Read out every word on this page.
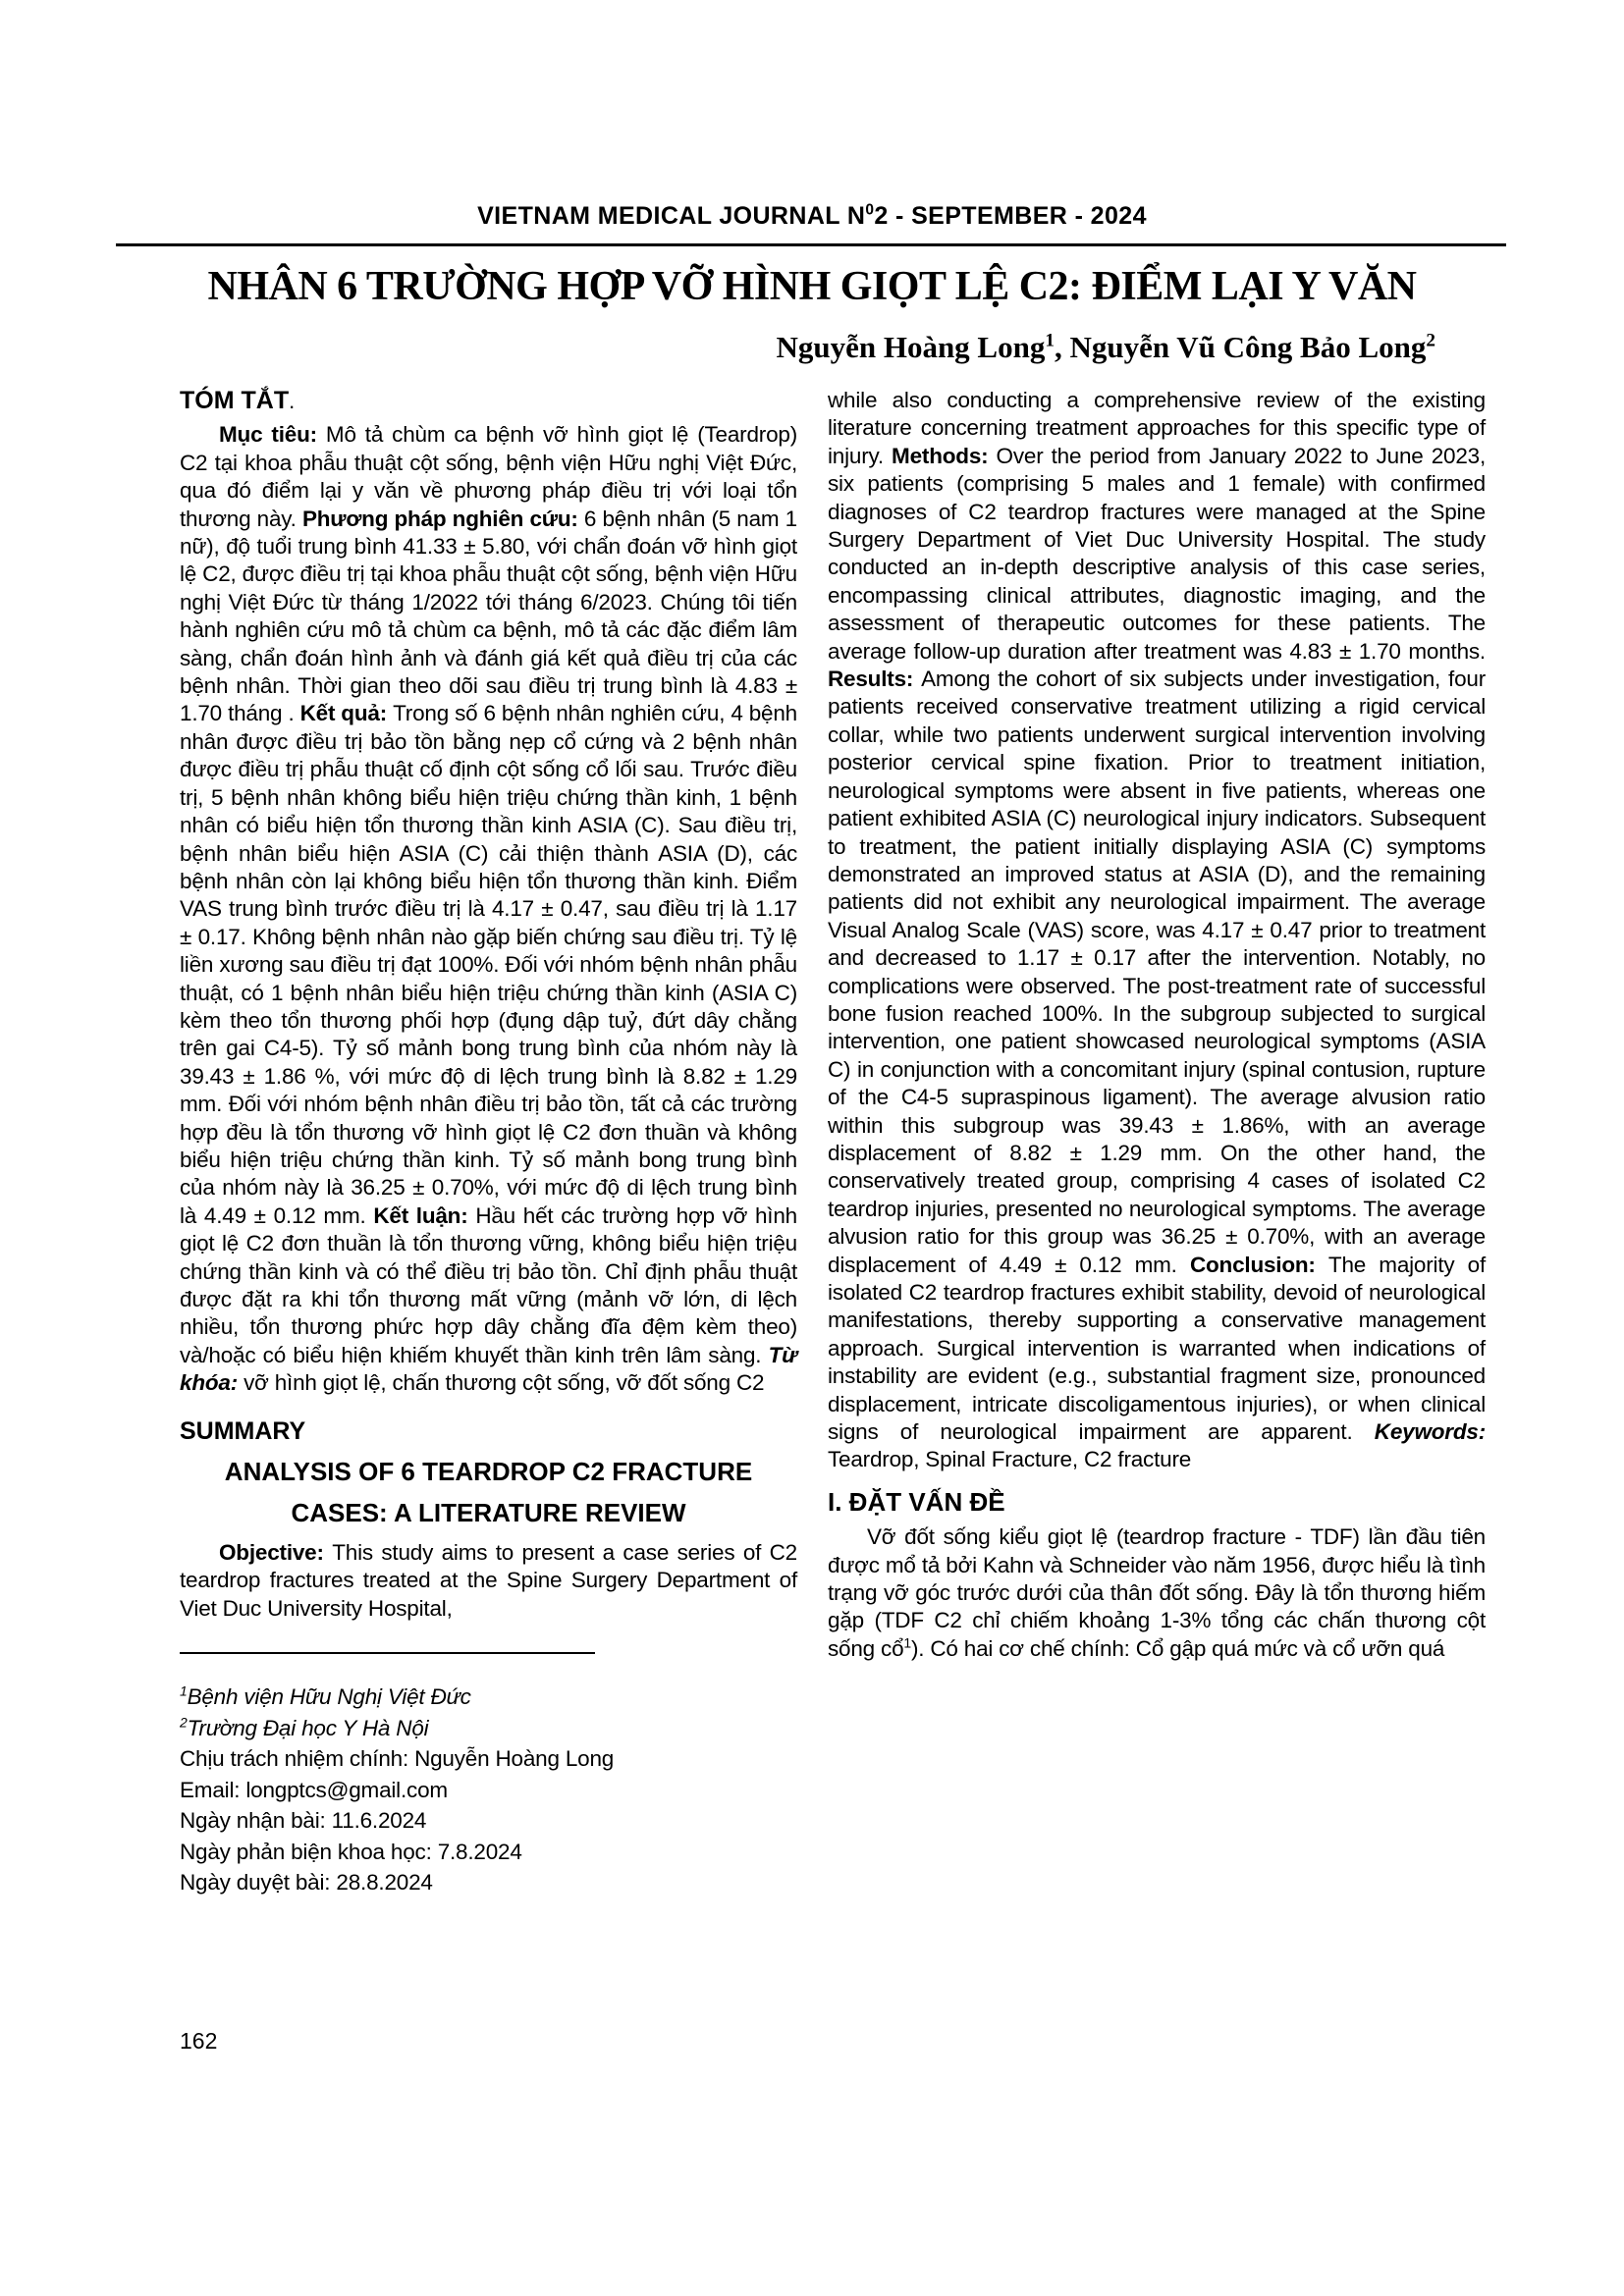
VIETNAM MEDICAL JOURNAL $N^02$ - SEPTEMBER - 2024
NHÂN 6 TRƯỜNG HỢP VỠ HÌNH GIỌT LỆ C2: ĐIỂM LẠI Y VĂN
Nguyễn Hoàng Long$^1$, Nguyễn Vũ Công Bảo Long$^2$
TÓM TẮT.

Mục tiêu: Mô tả chùm ca bệnh vỡ hình giọt lệ (Teardrop) C2 tại khoa phẫu thuật cột sống, bệnh viện Hữu nghị Việt Đức, qua đó điểm lại y văn về phương pháp điều trị với loại tổn thương này. Phương pháp nghiên cứu: 6 bệnh nhân (5 nam 1 nữ), độ tuổi trung bình 41.33 ± 5.80, với chẩn đoán vỡ hình giọt lệ C2, được điều trị tại khoa phẫu thuật cột sống, bệnh viện Hữu nghị Việt Đức từ tháng 1/2022 tới tháng 6/2023. Chúng tôi tiến hành nghiên cứu mô tả chùm ca bệnh, mô tả các đặc điểm lâm sàng, chẩn đoán hình ảnh và đánh giá kết quả điều trị của các bệnh nhân. Thời gian theo dõi sau điều trị trung bình là 4.83 ± 1.70 tháng . Kết quả: Trong số 6 bệnh nhân nghiên cứu, 4 bệnh nhân được điều trị bảo tồn bằng nẹp cổ cứng và 2 bệnh nhân được điều trị phẫu thuật cố định cột sống cổ lối sau. Trước điều trị, 5 bệnh nhân không biểu hiện triệu chứng thần kinh, 1 bệnh nhân có biểu hiện tổn thương thần kinh ASIA (C). Sau điều trị, bệnh nhân biểu hiện ASIA (C) cải thiện thành ASIA (D), các bệnh nhân còn lại không biểu hiện tổn thương thần kinh. Điểm VAS trung bình trước điều trị là 4.17 ± 0.47, sau điều trị là 1.17 ± 0.17. Không bệnh nhân nào gặp biến chứng sau điều trị. Tỷ lệ liền xương sau điều trị đạt 100%. Đối với nhóm bệnh nhân phẫu thuật, có 1 bệnh nhân biểu hiện triệu chứng thần kinh (ASIA C) kèm theo tổn thương phối hợp (đụng dập tuỷ, đứt dây chằng trên gai C4-5). Tỷ số mảnh bong trung bình của nhóm này là 39.43 ± 1.86 %, với mức độ di lệch trung bình là 8.82 ± 1.29 mm. Đối với nhóm bệnh nhân điều trị bảo tồn, tất cả các trường hợp đều là tổn thương vỡ hình giọt lệ C2 đơn thuần và không biểu hiện triệu chứng thần kinh. Tỷ số mảnh bong trung bình của nhóm này là 36.25 ± 0.70%, với mức độ di lệch trung bình là 4.49 ± 0.12 mm. Kết luận: Hầu hết các trường hợp vỡ hình giọt lệ C2 đơn thuần là tổn thương vững, không biểu hiện triệu chứng thần kinh và có thể điều trị bảo tồn. Chỉ định phẫu thuật được đặt ra khi tổn thương mất vững (mảnh vỡ lớn, di lệch nhiều, tổn thương phức hợp dây chằng đĩa đệm kèm theo) và/hoặc có biểu hiện khiếm khuyết thần kinh trên lâm sàng. Từ khóa: vỡ hình giọt lệ, chấn thương cột sống, vỡ đốt sống C2

SUMMARY
ANALYSIS OF 6 TEARDROP C2 FRACTURE CASES: A LITERATURE REVIEW

Objective: This study aims to present a case series of C2 teardrop fractures treated at the Spine Surgery Department of Viet Duc University Hospital,

$^1$Bệnh viện Hữu Nghị Việt Đức
$^2$Trường Đại học Y Hà Nội
Chịu trách nhiệm chính: Nguyễn Hoàng Long
Email: longptcs@gmail.com
Ngày nhận bài: 11.6.2024
Ngày phản biện khoa học: 7.8.2024
Ngày duyệt bài: 28.8.2024

while also conducting a comprehensive review of the existing literature concerning treatment approaches for this specific type of injury. Methods: Over the period from January 2022 to June 2023, six patients (comprising 5 males and 1 female) with confirmed diagnoses of C2 teardrop fractures were managed at the Spine Surgery Department of Viet Duc University Hospital. The study conducted an in-depth descriptive analysis of this case series, encompassing clinical attributes, diagnostic imaging, and the assessment of therapeutic outcomes for these patients. The average follow-up duration after treatment was 4.83 ± 1.70 months. Results: Among the cohort of six subjects under investigation, four patients received conservative treatment utilizing a rigid cervical collar, while two patients underwent surgical intervention involving posterior cervical spine fixation. Prior to treatment initiation, neurological symptoms were absent in five patients, whereas one patient exhibited ASIA (C) neurological injury indicators. Subsequent to treatment, the patient initially displaying ASIA (C) symptoms demonstrated an improved status at ASIA (D), and the remaining patients did not exhibit any neurological impairment. The average Visual Analog Scale (VAS) score, was 4.17 ± 0.47 prior to treatment and decreased to 1.17 ± 0.17 after the intervention. Notably, no complications were observed. The post-treatment rate of successful bone fusion reached 100%. In the subgroup subjected to surgical intervention, one patient showcased neurological symptoms (ASIA C) in conjunction with a concomitant injury (spinal contusion, rupture of the C4-5 supraspinous ligament). The average alvusion ratio within this subgroup was 39.43 ± 1.86%, with an average displacement of 8.82 ± 1.29 mm. On the other hand, the conservatively treated group, comprising 4 cases of isolated C2 teardrop injuries, presented no neurological symptoms. The average alvusion ratio for this group was 36.25 ± 0.70%, with an average displacement of 4.49 ± 0.12 mm. Conclusion: The majority of isolated C2 teardrop fractures exhibit stability, devoid of neurological manifestations, thereby supporting a conservative management approach. Surgical intervention is warranted when indications of instability are evident (e.g., substantial fragment size, pronounced displacement, intricate discoligamentous injuries), or when clinical signs of neurological impairment are apparent. Keywords: Teardrop, Spinal Fracture, C2 fracture

I. ĐẶT VẤN ĐỀ

Vỡ đốt sống kiểu giọt lệ (teardrop fracture - TDF) lần đầu tiên được mổ tả bởi Kahn và Schneider vào năm 1956, được hiểu là tình trạng vỡ góc trước dưới của thân đốt sống. Đây là tổn thương hiếm gặp (TDF C2 chỉ chiếm khoảng 1-3% tổng các chấn thương cột sống cổ$^1$). Có hai cơ chế chính: Cổ gập quá mức và cổ ưỡn quá

162
